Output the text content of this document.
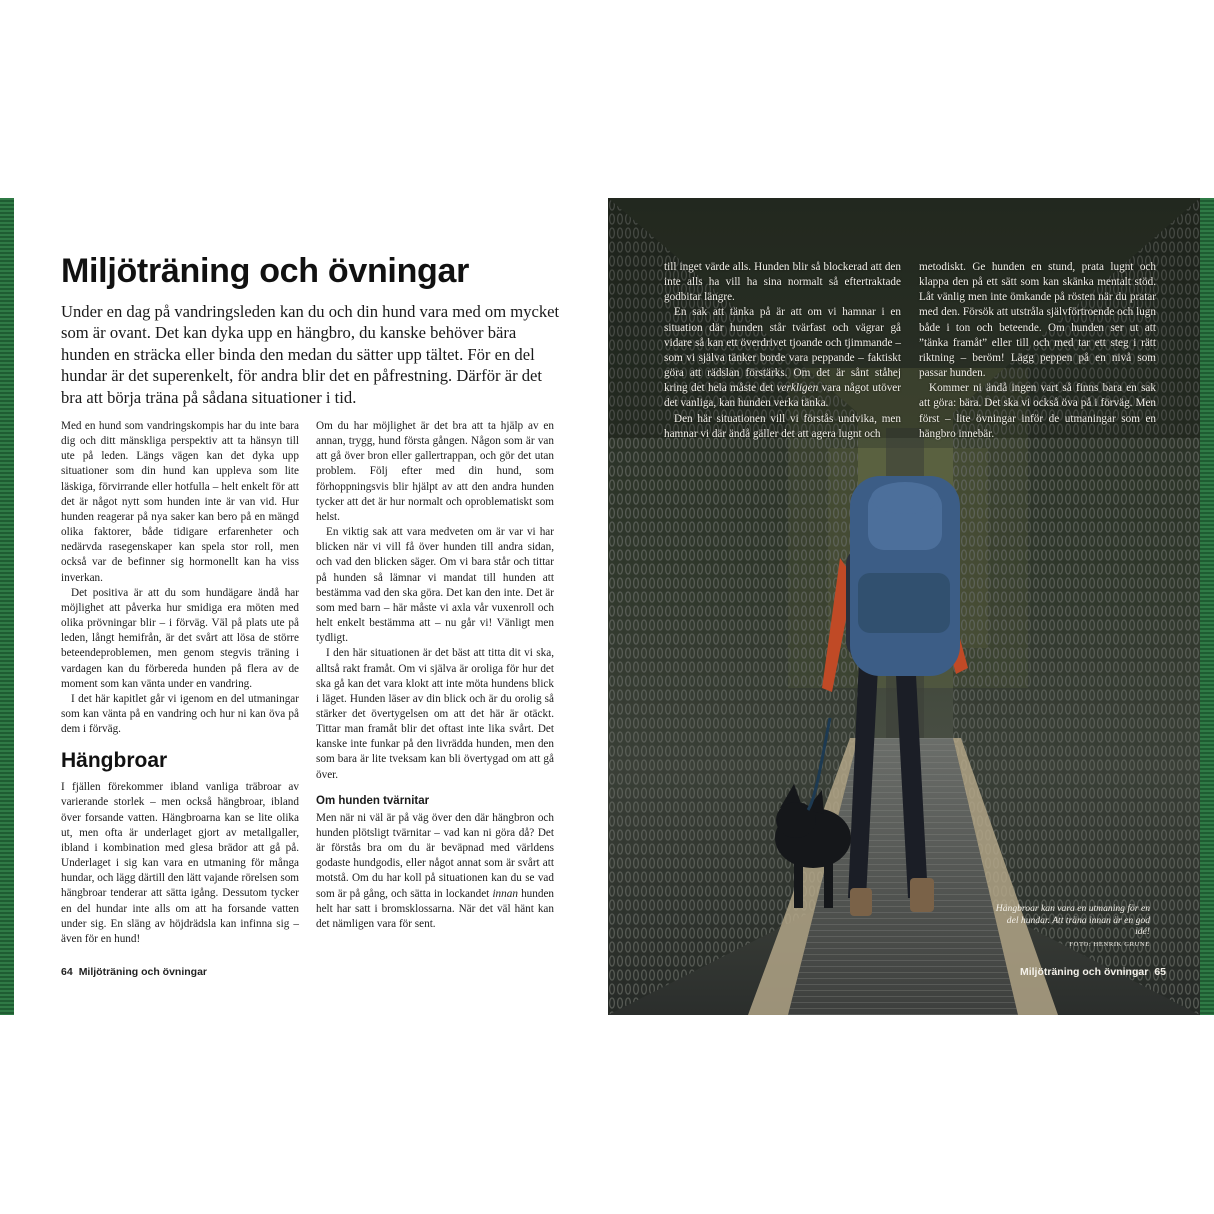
Miljöträning och övningar

Under en dag på vandringsleden kan du och din hund vara med om mycket som är ovant. Det kan dyka upp en hängbro, du kanske behöver bära hunden en sträcka eller binda den medan du sätter upp tältet. För en del hundar är det superenkelt, för andra blir det en påfrestning. Därför är det bra att börja träna på sådana situationer i tid.

Med en hund som vandringskompis har du inte bara dig och ditt mänskliga perspektiv att ta hänsyn till ute på leden. Längs vägen kan det dyka upp situationer som din hund kan uppleva som lite läskiga, förvirrande eller hotfulla – helt enkelt för att det är något nytt som hunden inte är van vid. Hur hunden reagerar på nya saker kan bero på en mängd olika faktorer, både tidigare erfarenheter och nedärvda rasegenskaper kan spela stor roll, men också var de befinner sig hormonellt kan ha viss inverkan.

Det positiva är att du som hundägare ändå har möjlighet att påverka hur smidiga era möten med olika prövningar blir – i förväg. Väl på plats ute på leden, långt hemifrån, är det svårt att lösa de större beteendeproblemen, men genom stegvis träning i vardagen kan du förbereda hunden på flera av de moment som kan vänta under en vandring.

I det här kapitlet går vi igenom en del utmaningar som kan vänta på en vandring och hur ni kan öva på dem i förväg.

Hängbroar

I fjällen förekommer ibland vanliga träbroar av varierande storlek – men också hängbroar, ibland över forsande vatten. Hängbroarna kan se lite olika ut, men ofta är underlaget gjort av metallgaller, ibland i kombination med glesa brädor att gå på. Underlaget i sig kan vara en utmaning för många hundar, och lägg därtill den lätt vajande rörelsen som hängbroar tenderar att sätta igång. Dessutom tycker en del hundar inte alls om att ha forsande vatten under sig. En släng av höjdrädsla kan infinna sig – även för en hund!

Om du har möjlighet är det bra att ta hjälp av en annan, trygg, hund första gången. Någon som är van att gå över bron eller gallertrappan, och gör det utan problem. Följ efter med din hund, som förhoppningsvis blir hjälpt av att den andra hunden tycker att det är hur normalt och oproblematiskt som helst.

En viktig sak att vara medveten om är var vi har blicken när vi vill få över hunden till andra sidan, och vad den blicken säger. Om vi bara står och tittar på hunden så lämnar vi mandat till hunden att bestämma vad den ska göra. Det kan den inte. Det är som med barn – här måste vi axla vår vuxenroll och helt enkelt bestämma att – nu går vi! Vänligt men tydligt.

I den här situationen är det bäst att titta dit vi ska, alltså rakt framåt. Om vi själva är oroliga för hur det ska gå kan det vara klokt att inte möta hundens blick i läget. Hunden läser av din blick och är du orolig så stärker det övertygelsen om att det här är otäckt. Tittar man framåt blir det oftast inte lika svårt. Det kanske inte funkar på den livrädda hunden, men den som bara är lite tveksam kan bli övertygad om att gå över.

Om hunden tvärnitar

Men när ni väl är på väg över den där hängbron och hunden plötsligt tvärnitar – vad kan ni göra då? Det är förstås bra om du är beväpnad med världens godaste hundgodis, eller något annat som är svårt att motstå. Om du har koll på situationen kan du se vad som är på gång, och sätta in lockandet innan hunden helt har satt i bromsklossarna. När det väl hänt kan det nämligen vara för sent.

64 Miljöträning och övningar

till inget värde alls. Hunden blir så blockerad att den inte alls ha vill ha sina normalt så eftertraktade godbitar längre.

En sak att tänka på är att om vi hamnar i en situation där hunden står tvärfast och vägrar gå vidare så kan ett överdrivet tjoande och tjimmande – som vi själva tänker borde vara peppande – faktiskt göra att rädslan förstärks. Om det är sånt ståhej kring det hela måste det verkligen vara något utöver det vanliga, kan hunden verka tänka.

Den här situationen vill vi förstås undvika, men hamnar vi där ändå gäller det att agera lugnt och

metodiskt. Ge hunden en stund, prata lugnt och klappa den på ett sätt som kan skänka mentalt stöd. Låt vänlig men inte ömkande på rösten när du pratar med den. Försök att utstråla självförtroende och lugn både i ton och beteende. Om hunden ser ut att ”tänka framåt” eller till och med tar ett steg i rätt riktning – beröm! Lägg peppen på en nivå som passar hunden.

Kommer ni ändå ingen vart så finns bara en sak att göra: bära. Det ska vi också öva på i förväg. Men först – lite övningar inför de utmaningar som en hängbro innebär.

Hängbroar kan vara en utmaning för en del hundar. Att träna innan är en god idé!
FOTO: HENRIK GRUNE
Miljöträning och övningar 65
